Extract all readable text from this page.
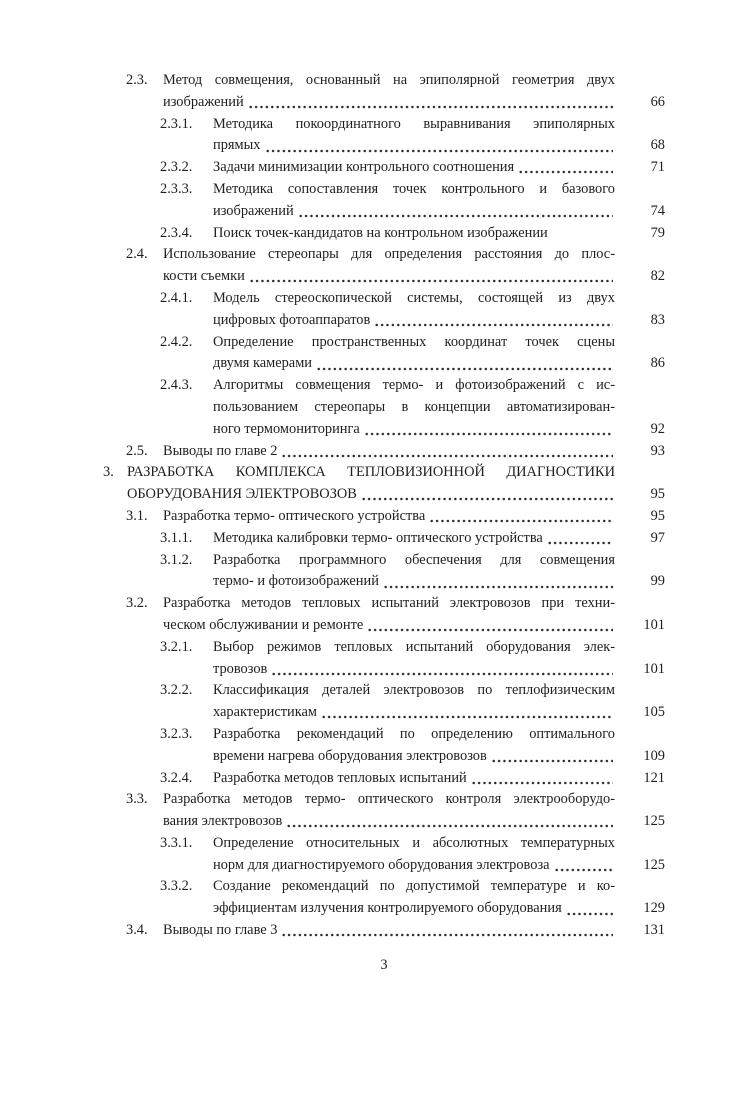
2.3.	Метод совмещения, основанный на эпиполярной геометрия двух
изображений	66
2.3.1.	Методика покоординатного выравнивания эпиполярных
прямых	68
2.3.2.	Задачи минимизации контрольного соотношения	71
2.3.3.	Методика сопоставления точек контрольного и базового
изображений	74
2.3.4.	Поиск точек-кандидатов на контрольном изображении	79
2.4.	Использование стереопары для определения расстояния до плос-
кости съемки	82
2.4.1.	Модель стереоскопической системы, состоящей из двух
цифровых фотоаппаратов	83
2.4.2.	Определение пространственных координат точек сцены
двумя камерами	86
2.4.3.	Алгоритмы совмещения термо- и фотоизображений с ис-
пользованием стереопары в концепции автоматизирован-
ного термомониторинга	92
2.5.	Выводы по главе 2	93
3. РАЗРАБОТКА КОМПЛЕКСА ТЕПЛОВИЗИОННОЙ ДИАГНОСТИКИ
ОБОРУДОВАНИЯ ЭЛЕКТРОВОЗОВ	95
3.1.	Разработка термо- оптического устройства	95
3.1.1.	Методика калибровки термо- оптического устройства	97
3.1.2.	Разработка программного обеспечения для совмещения
термо- и фотоизображений	99
3.2.	Разработка методов тепловых испытаний электровозов при техни-
ческом обслуживании и ремонте	101
3.2.1.	Выбор режимов тепловых испытаний оборудования элек-
тровозов	101
3.2.2.	Классификация деталей электровозов по теплофизическим
характеристикам	105
3.2.3.	Разработка рекомендаций по определению оптимального
времени нагрева оборудования электровозов	109
3.2.4.	Разработка методов тепловых испытаний	121
3.3.	Разработка методов термо- оптического контроля электрооборудо-
вания электровозов	125
3.3.1.	Определение относительных и абсолютных температурных
норм для диагностируемого оборудования электровоза	125
3.3.2.	Создание рекомендаций по допустимой температуре и ко-
эффициентам излучения контролируемого оборудования	129
3.4.	Выводы по главе 3	131
3
